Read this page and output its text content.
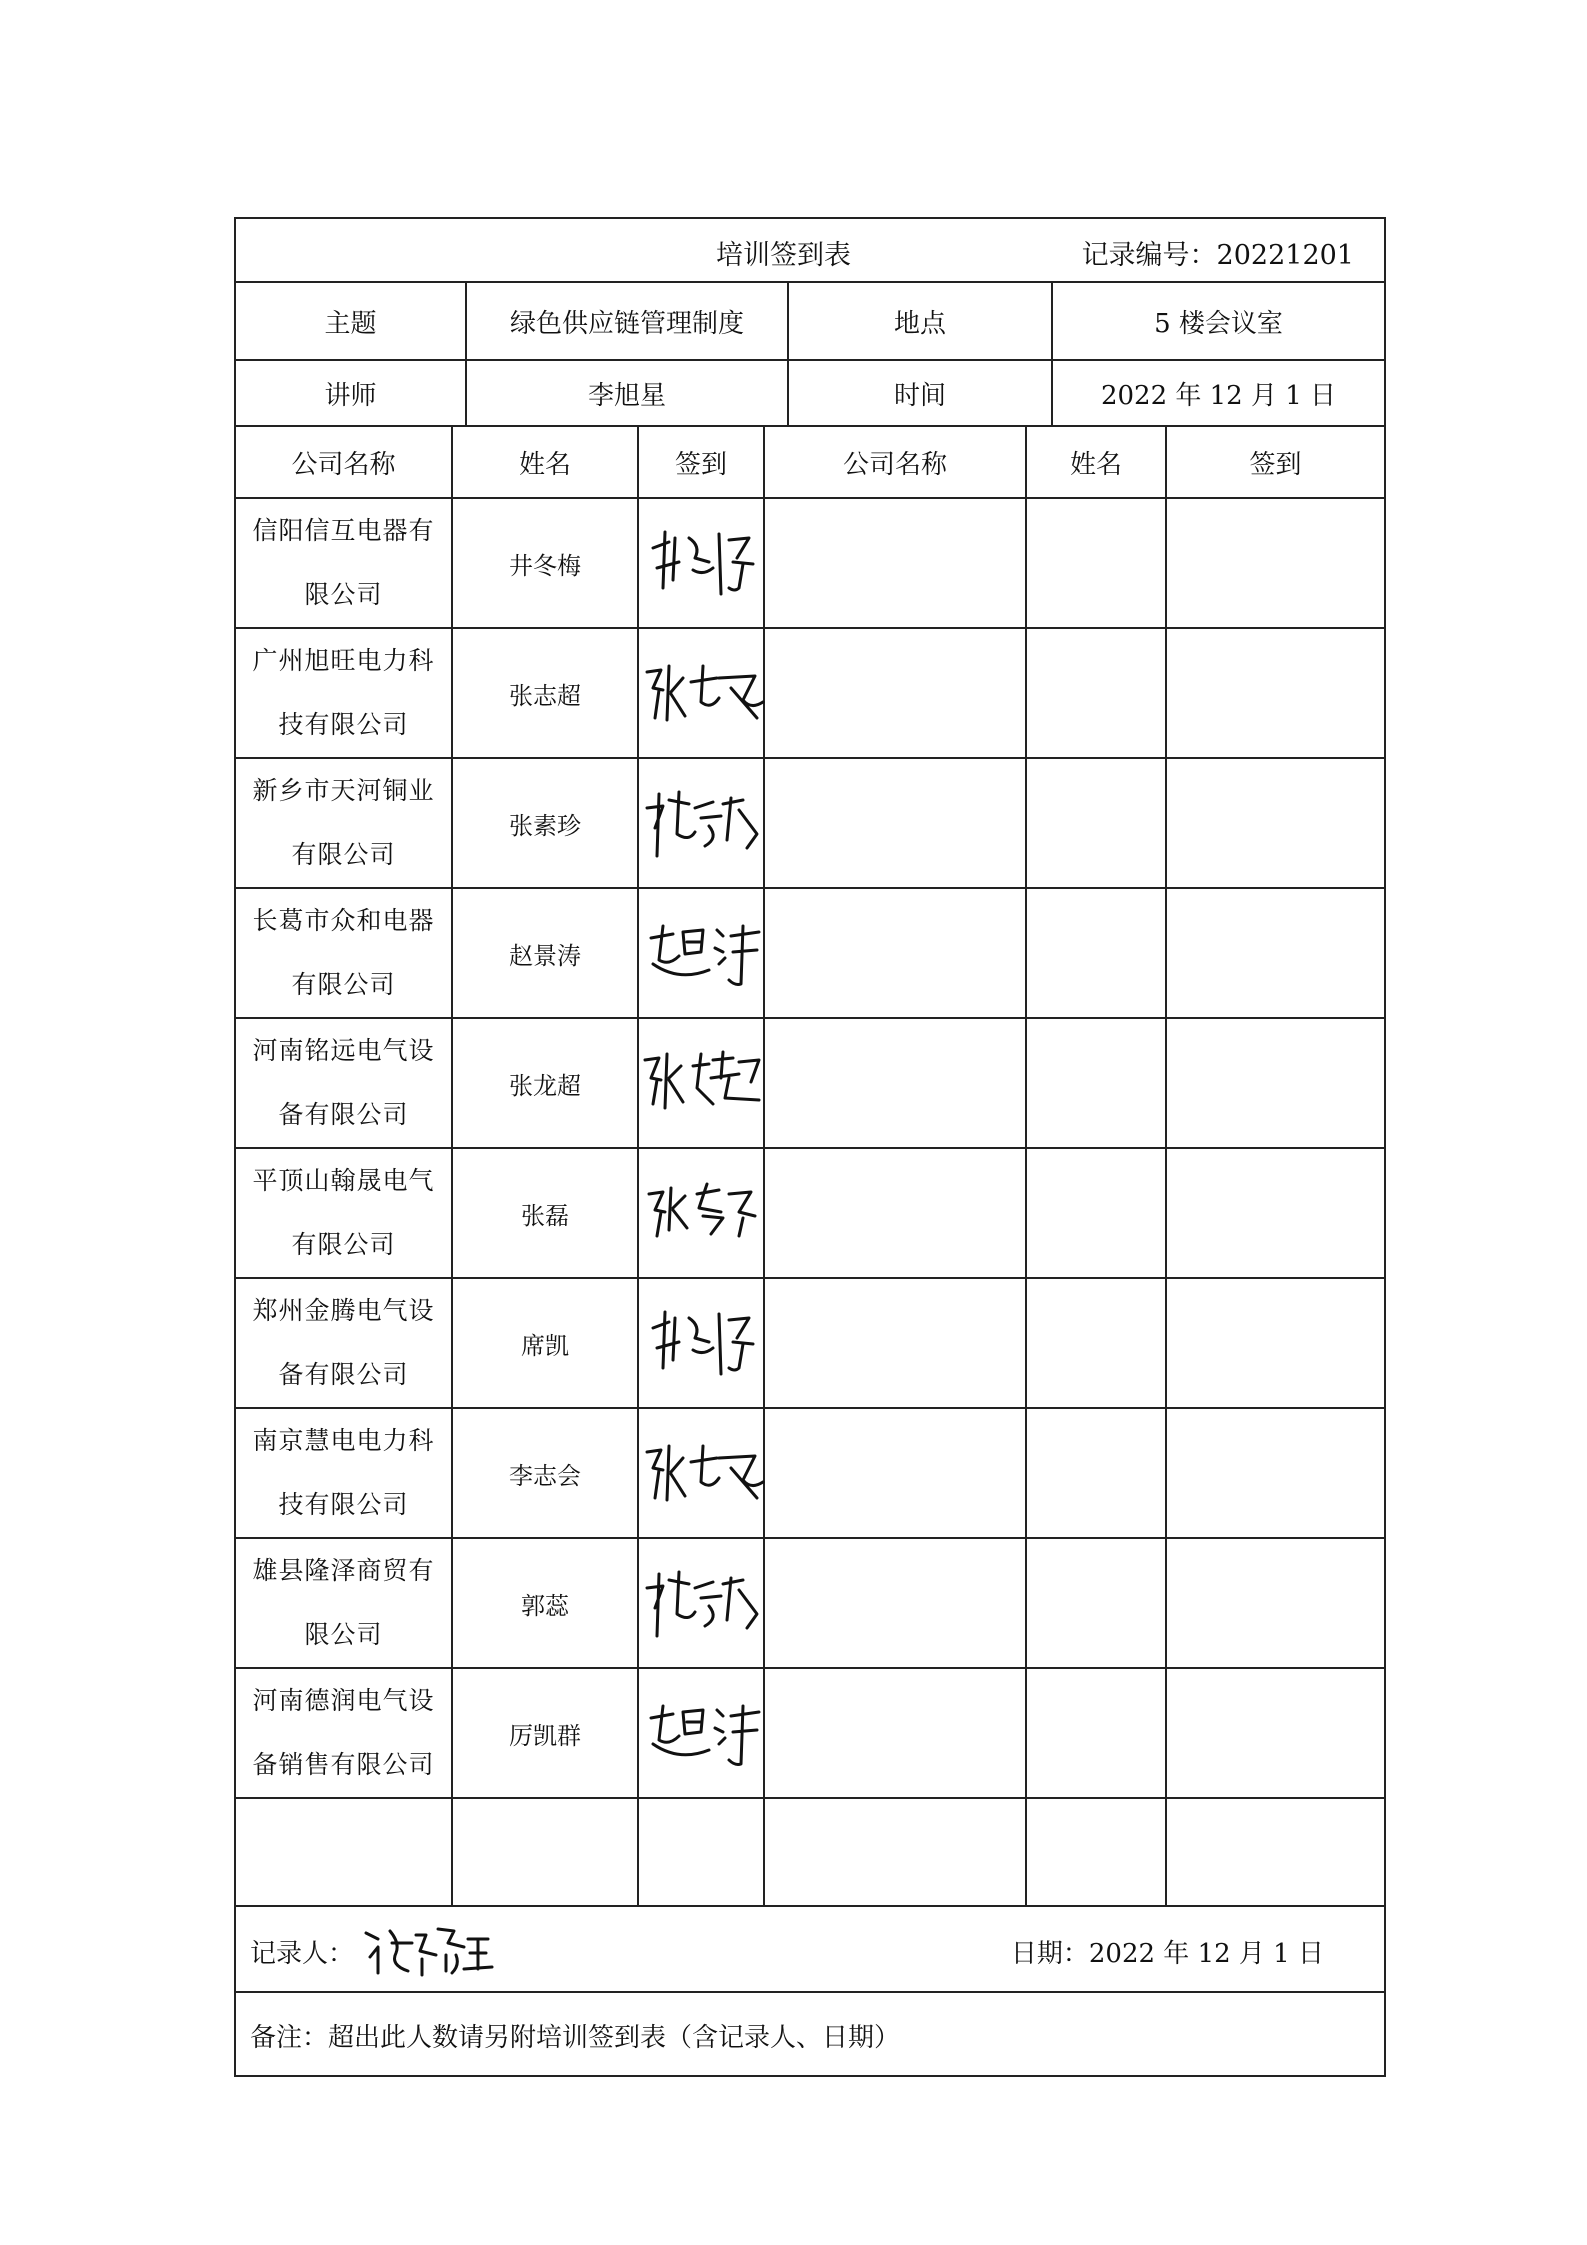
培训签到表	记录编号：20221201
主题	绿色供应链管理制度	地点	5 楼会议室
讲师	李旭星	时间	2022 年 12 月 1 日
公司名称	姓名	签到	公司名称	姓名	签到

信阳信互电器有
限公司	井冬梅	

广州旭旺电力科
技有限公司	张志超	

新乡市天河铜业
有限公司	张素珍	

长葛市众和电器
有限公司	赵景涛	

河南铭远电气设
备有限公司	张龙超	

平顶山翰晟电气
有限公司	张磊	

郑州金腾电气设
备有限公司	席凯	

南京慧电电力科
技有限公司	李志会	

雄县隆泽商贸有
限公司	郭蕊	

河南德润电气设
备销售有限公司	厉凯群	

记录人：	日期：2022 年 12 月 1 日
备注：超出此人数请另附培训签到表（含记录人、日期）
